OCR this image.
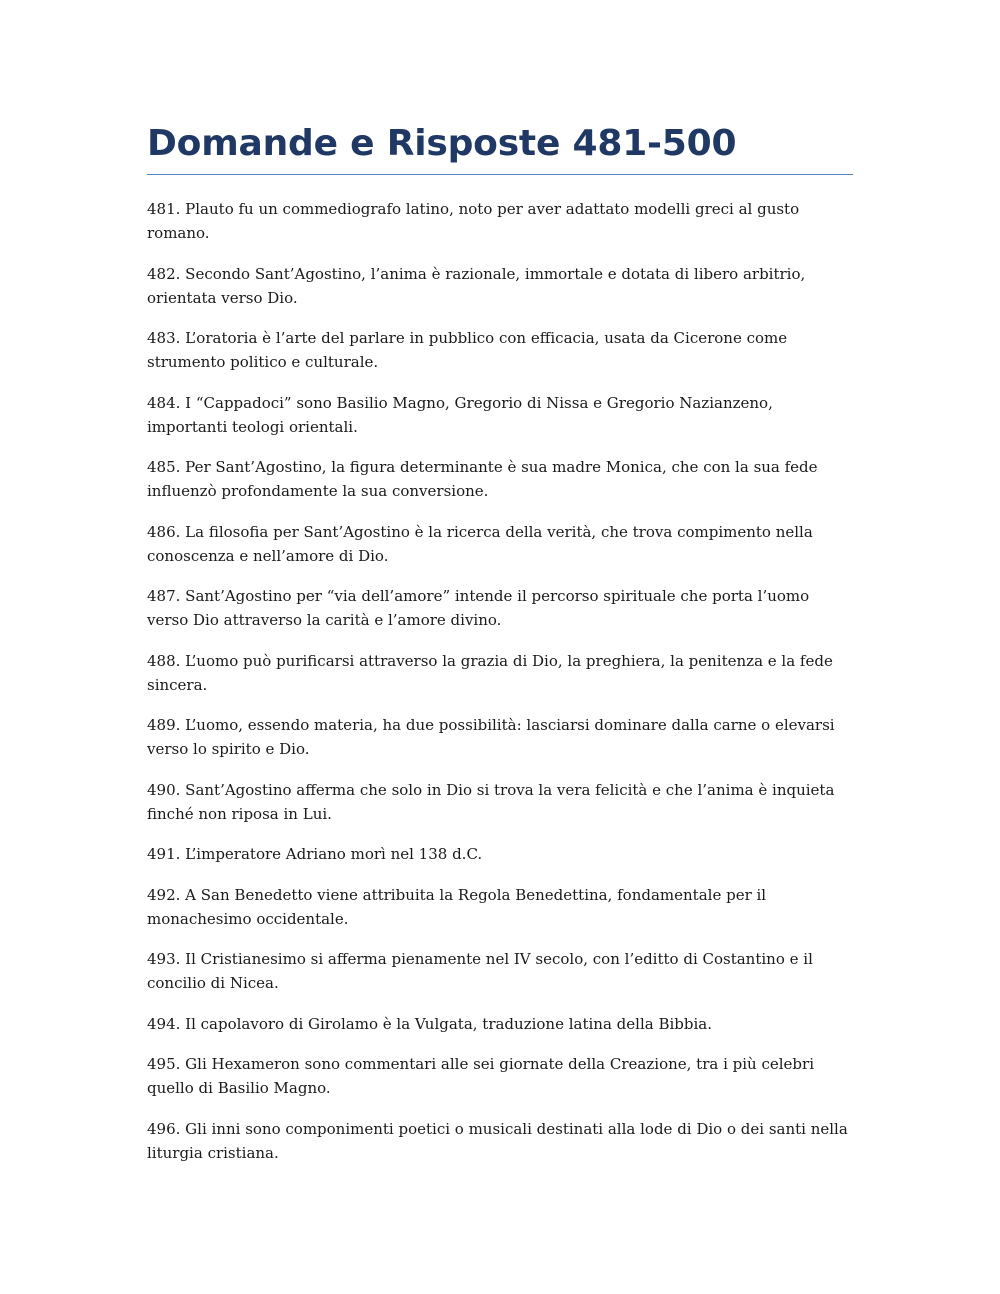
Domande e Risposte 481-500
481. Plauto fu un commediografo latino, noto per aver adattato modelli greci al gusto romano.
482. Secondo Sant’Agostino, l’anima è razionale, immortale e dotata di libero arbitrio, orientata verso Dio.
483. L’oratoria è l’arte del parlare in pubblico con efficacia, usata da Cicerone come strumento politico e culturale.
484. I “Cappadoci” sono Basilio Magno, Gregorio di Nissa e Gregorio Nazianzeno, importanti teologi orientali.
485. Per Sant’Agostino, la figura determinante è sua madre Monica, che con la sua fede influenzò profondamente la sua conversione.
486. La filosofia per Sant’Agostino è la ricerca della verità, che trova compimento nella conoscenza e nell’amore di Dio.
487. Sant’Agostino per “via dell’amore” intende il percorso spirituale che porta l’uomo verso Dio attraverso la carità e l’amore divino.
488. L’uomo può purificarsi attraverso la grazia di Dio, la preghiera, la penitenza e la fede sincera.
489. L’uomo, essendo materia, ha due possibilità: lasciarsi dominare dalla carne o elevarsi verso lo spirito e Dio.
490. Sant’Agostino afferma che solo in Dio si trova la vera felicità e che l’anima è inquieta finché non riposa in Lui.
491. L’imperatore Adriano morì nel 138 d.C.
492. A San Benedetto viene attribuita la Regola Benedettina, fondamentale per il monachesimo occidentale.
493. Il Cristianesimo si afferma pienamente nel IV secolo, con l’editto di Costantino e il concilio di Nicea.
494. Il capolavoro di Girolamo è la Vulgata, traduzione latina della Bibbia.
495. Gli Hexameron sono commentari alle sei giornate della Creazione, tra i più celebri quello di Basilio Magno.
496. Gli inni sono componimenti poetici o musicali destinati alla lode di Dio o dei santi nella liturgia cristiana.
